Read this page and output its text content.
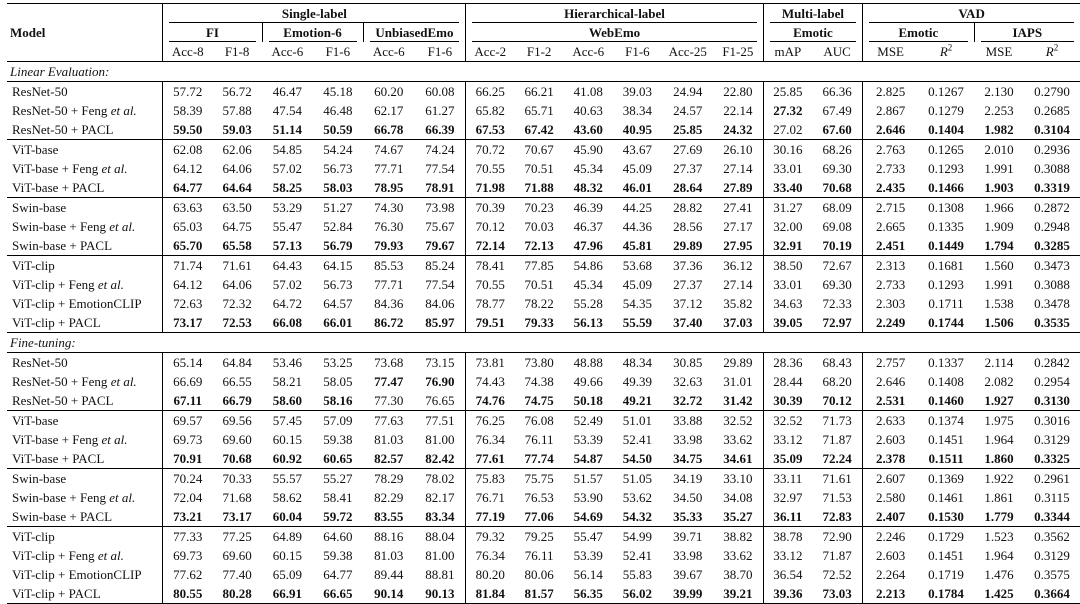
Model	Single-label						Hierarchical-label						Multi-label		VAD			

	FI		Emotion-6		UnbiasedEmo		WebEmo						Emotic		Emotic		IAPS	

	Acc-8	F1-8	Acc-6	F1-6	Acc-6	F1-6	Acc-2	F1-2	Acc-6	F1-6	Acc-25	F1-25	mAP	AUC	MSE	$R^2$	MSE	$R^2$
Linear Evaluation:																		
ResNet-50	57.72	56.72	46.47	45.18	60.20	60.08	66.25	66.21	41.08	39.03	24.94	22.80	25.85	66.36	2.825	0.1267	2.130	0.2790
ResNet-50 + Feng et al.	58.39	57.88	47.54	46.48	62.17	61.27	65.82	65.71	40.63	38.34	24.57	22.14	27.32	67.49	2.867	0.1279	2.253	0.2685
ResNet-50 + PACL	59.50	59.03	51.14	50.59	66.78	66.39	67.53	67.42	43.60	40.95	25.85	24.32	27.02	67.60	2.646	0.1404	1.982	0.3104
ViT-base	62.08	62.06	54.85	54.24	74.67	74.24	70.72	70.67	45.90	43.67	27.69	26.10	30.16	68.26	2.763	0.1265	2.010	0.2936
ViT-base + Feng et al.	64.12	64.06	57.02	56.73	77.71	77.54	70.55	70.51	45.34	45.09	27.37	27.14	33.01	69.30	2.733	0.1293	1.991	0.3088
ViT-base + PACL	64.77	64.64	58.25	58.03	78.95	78.91	71.98	71.88	48.32	46.01	28.64	27.89	33.40	70.68	2.435	0.1466	1.903	0.3319
Swin-base	63.63	63.50	53.29	51.27	74.30	73.98	70.39	70.23	46.39	44.25	28.82	27.41	31.27	68.09	2.715	0.1308	1.966	0.2872
Swin-base + Feng et al.	65.03	64.75	55.47	52.84	76.30	75.67	70.12	70.03	46.37	44.36	28.56	27.17	32.00	69.08	2.665	0.1335	1.909	0.2948
Swin-base + PACL	65.70	65.58	57.13	56.79	79.93	79.67	72.14	72.13	47.96	45.81	29.89	27.95	32.91	70.19	2.451	0.1449	1.794	0.3285
ViT-clip	71.74	71.61	64.43	64.15	85.53	85.24	78.41	77.85	54.86	53.68	37.36	36.12	38.50	72.67	2.313	0.1681	1.560	0.3473
ViT-clip + Feng et al.	64.12	64.06	57.02	56.73	77.71	77.54	70.55	70.51	45.34	45.09	27.37	27.14	33.01	69.30	2.733	0.1293	1.991	0.3088
ViT-clip + EmotionCLIP	72.63	72.32	64.72	64.57	84.36	84.06	78.77	78.22	55.28	54.35	37.12	35.82	34.63	72.33	2.303	0.1711	1.538	0.3478
ViT-clip + PACL	73.17	72.53	66.08	66.01	86.72	85.97	79.51	79.33	56.13	55.59	37.40	37.03	39.05	72.97	2.249	0.1744	1.506	0.3535
Fine-tuning:																		
ResNet-50	65.14	64.84	53.46	53.25	73.68	73.15	73.81	73.80	48.88	48.34	30.85	29.89	28.36	68.43	2.757	0.1337	2.114	0.2842
ResNet-50 + Feng et al.	66.69	66.55	58.21	58.05	77.47	76.90	74.43	74.38	49.66	49.39	32.63	31.01	28.44	68.20	2.646	0.1408	2.082	0.2954
ResNet-50 + PACL	67.11	66.79	58.60	58.16	77.30	76.65	74.76	74.75	50.18	49.21	32.72	31.42	30.39	70.12	2.531	0.1460	1.927	0.3130
ViT-base	69.57	69.56	57.45	57.09	77.63	77.51	76.25	76.08	52.49	51.01	33.88	32.52	32.52	71.73	2.633	0.1374	1.975	0.3016
ViT-base + Feng et al.	69.73	69.60	60.15	59.38	81.03	81.00	76.34	76.11	53.39	52.41	33.98	33.62	33.12	71.87	2.603	0.1451	1.964	0.3129
ViT-base + PACL	70.91	70.68	60.92	60.65	82.57	82.42	77.61	77.74	54.87	54.50	34.75	34.61	35.09	72.24	2.378	0.1511	1.860	0.3325
Swin-base	70.24	70.33	55.57	55.27	78.29	78.02	75.83	75.75	51.57	51.05	34.19	33.10	33.11	71.61	2.607	0.1369	1.922	0.2961
Swin-base + Feng et al.	72.04	71.68	58.62	58.41	82.29	82.17	76.71	76.53	53.90	53.62	34.50	34.08	32.97	71.53	2.580	0.1461	1.861	0.3115
Swin-base + PACL	73.21	73.17	60.04	59.72	83.55	83.34	77.19	77.06	54.69	54.32	35.33	35.27	36.11	72.83	2.407	0.1530	1.779	0.3344
ViT-clip	77.33	77.25	64.89	64.60	88.16	88.04	79.32	79.25	55.47	54.99	39.71	38.82	38.78	72.90	2.246	0.1729	1.523	0.3562
ViT-clip + Feng et al.	69.73	69.60	60.15	59.38	81.03	81.00	76.34	76.11	53.39	52.41	33.98	33.62	33.12	71.87	2.603	0.1451	1.964	0.3129
ViT-clip + EmotionCLIP	77.62	77.40	65.09	64.77	89.44	88.81	80.20	80.06	56.14	55.83	39.67	38.70	36.54	72.52	2.264	0.1719	1.476	0.3575
ViT-clip + PACL	80.55	80.28	66.91	66.65	90.14	90.13	81.84	81.57	56.35	56.02	39.99	39.21	39.36	73.03	2.213	0.1784	1.425	0.3664
